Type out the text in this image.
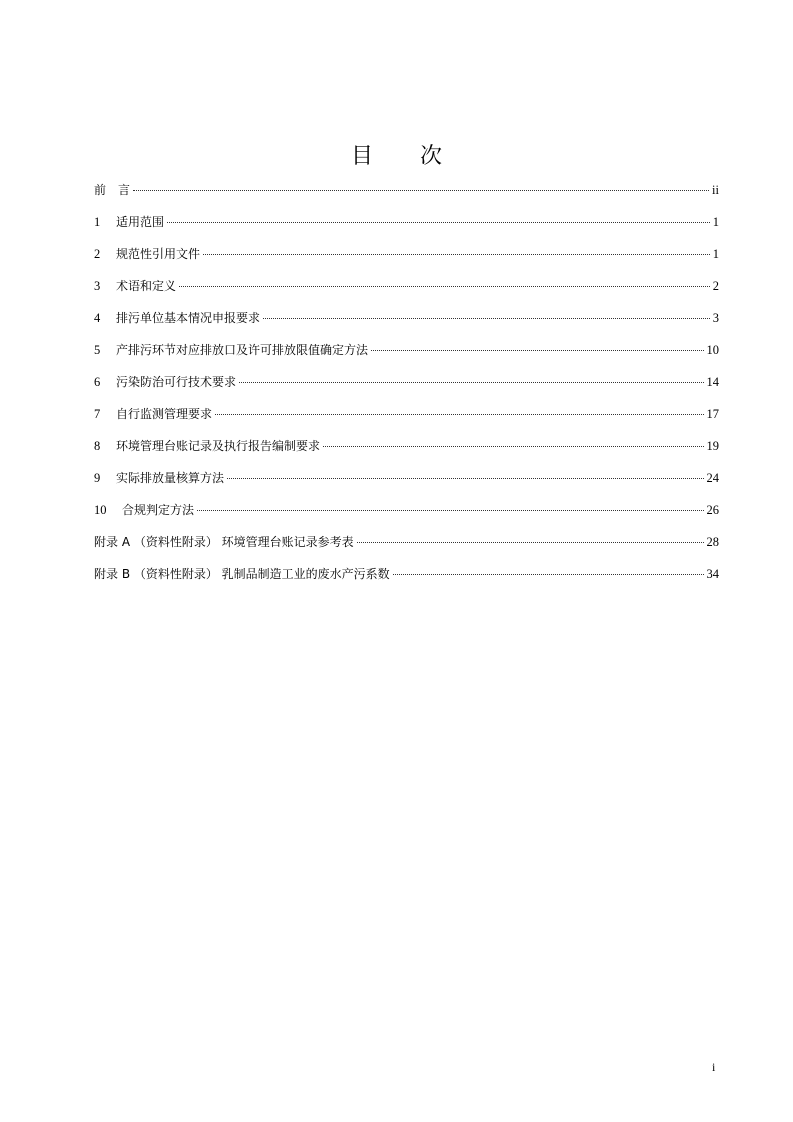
目 次
前　言	ii
1 适用范围	1
2 规范性引用文件	1
3 术语和定义	2
4 排污单位基本情况申报要求	3
5 产排污环节对应排放口及许可排放限值确定方法	10
6 污染防治可行技术要求	14
7 自行监测管理要求	17
8 环境管理台账记录及执行报告编制要求	19
9 实际排放量核算方法	24
10 合规判定方法	26
附录 A （资料性附录） 环境管理台账记录参考表	28
附录 B （资料性附录） 乳制品制造工业的废水产污系数	34
i
